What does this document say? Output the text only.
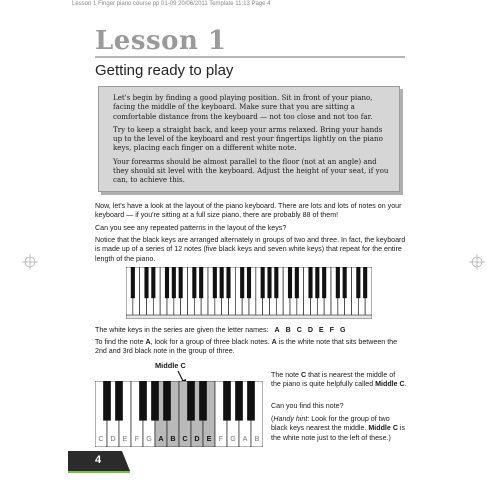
Lesson 1 Finger piano course pp 01-09 20/06/2011 Template 11:13 Page 4
Lesson 1
Getting ready to play

Let's begin by finding a good playing position. Sit in front of your piano, facing the middle of the keyboard. Make sure that you are sitting a comfortable distance from the keyboard — not too close and not too far.

Try to keep a straight back, and keep your arms relaxed. Bring your hands up to the level of the keyboard and rest your fingertips lightly on the piano keys, placing each finger on a different white note.

Your forearms should be almost parallel to the floor (not at an angle) and they should sit level with the keyboard. Adjust the height of your seat, if you can, to achieve this.

Now, let's have a look at the layout of the piano keyboard. There are lots and lots of notes on your keyboard — if you're sitting at a full size piano, there are probably 88 of them!

Can you see any repeated patterns in the layout of the keys?

Notice that the black keys are arranged alternately in groups of two and three. In fact, the keyboard is made up of a series of 12 notes (five black keys and seven white keys) that repeat for the entire length of the piano.

The white keys in the series are given the letter names: A B C D E F G

To find the note A, look for a group of three black notes. A is the white note that sits between the 2nd and 3rd black note in the group of three.

Middle C

C D E F G A B C D E F G A B

The note C that is nearest the middle of the piano is quite helpfully called Middle C.

Can you find this note?

(Handy hint: Look for the group of two black keys nearest the middle. Middle C is the white note just to the left of these.)

4
